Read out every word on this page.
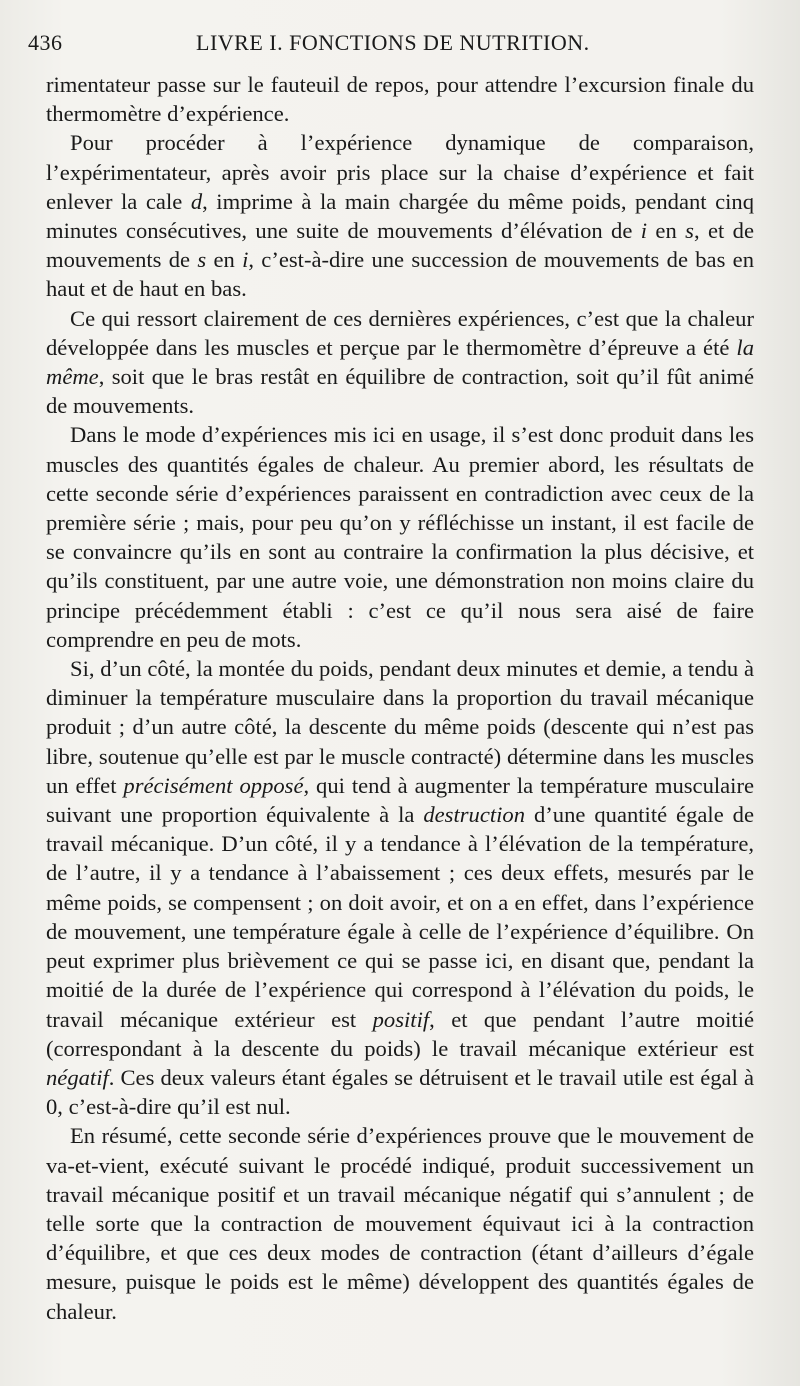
436	LIVRE I. FONCTIONS DE NUTRITION.

rimentateur passe sur le fauteuil de repos, pour attendre l’excursion finale du thermomètre d’expérience.

Pour procéder à l’expérience dynamique de comparaison, l’expérimentateur, après avoir pris place sur la chaise d’expérience et fait enlever la cale d, imprime à la main chargée du même poids, pendant cinq minutes consécutives, une suite de mouvements d’élévation de i en s, et de mouvements de s en i, c’est-à-dire une succession de mouvements de bas en haut et de haut en bas.

Ce qui ressort clairement de ces dernières expériences, c’est que la chaleur développée dans les muscles et perçue par le thermomètre d’épreuve a été la même, soit que le bras restât en équilibre de contraction, soit qu’il fût animé de mouvements.

Dans le mode d’expériences mis ici en usage, il s’est donc produit dans les muscles des quantités égales de chaleur. Au premier abord, les résultats de cette seconde série d’expériences paraissent en contradiction avec ceux de la première série ; mais, pour peu qu’on y réfléchisse un instant, il est facile de se convaincre qu’ils en sont au contraire la confirmation la plus décisive, et qu’ils constituent, par une autre voie, une démonstration non moins claire du principe précédemment établi : c’est ce qu’il nous sera aisé de faire comprendre en peu de mots.

Si, d’un côté, la montée du poids, pendant deux minutes et demie, a tendu à diminuer la température musculaire dans la proportion du travail mécanique produit ; d’un autre côté, la descente du même poids (descente qui n’est pas libre, soutenue qu’elle est par le muscle contracté) détermine dans les muscles un effet précisément opposé, qui tend à augmenter la température musculaire suivant une proportion équivalente à la destruction d’une quantité égale de travail mécanique. D’un côté, il y a tendance à l’élévation de la température, de l’autre, il y a tendance à l’abaissement ; ces deux effets, mesurés par le même poids, se compensent ; on doit avoir, et on a en effet, dans l’expérience de mouvement, une température égale à celle de l’expérience d’équilibre. On peut exprimer plus brièvement ce qui se passe ici, en disant que, pendant la moitié de la durée de l’expérience qui correspond à l’élévation du poids, le travail mécanique extérieur est positif, et que pendant l’autre moitié (correspondant à la descente du poids) le travail mécanique extérieur est négatif. Ces deux valeurs étant égales se détruisent et le travail utile est égal à 0, c’est-à-dire qu’il est nul.

En résumé, cette seconde série d’expériences prouve que le mouvement de va-et-vient, exécuté suivant le procédé indiqué, produit successivement un travail mécanique positif et un travail mécanique négatif qui s’annulent ; de telle sorte que la contraction de mouvement équivaut ici à la contraction d’équilibre, et que ces deux modes de contraction (étant d’ailleurs d’égale mesure, puisque le poids est le même) développent des quantités égales de chaleur.
